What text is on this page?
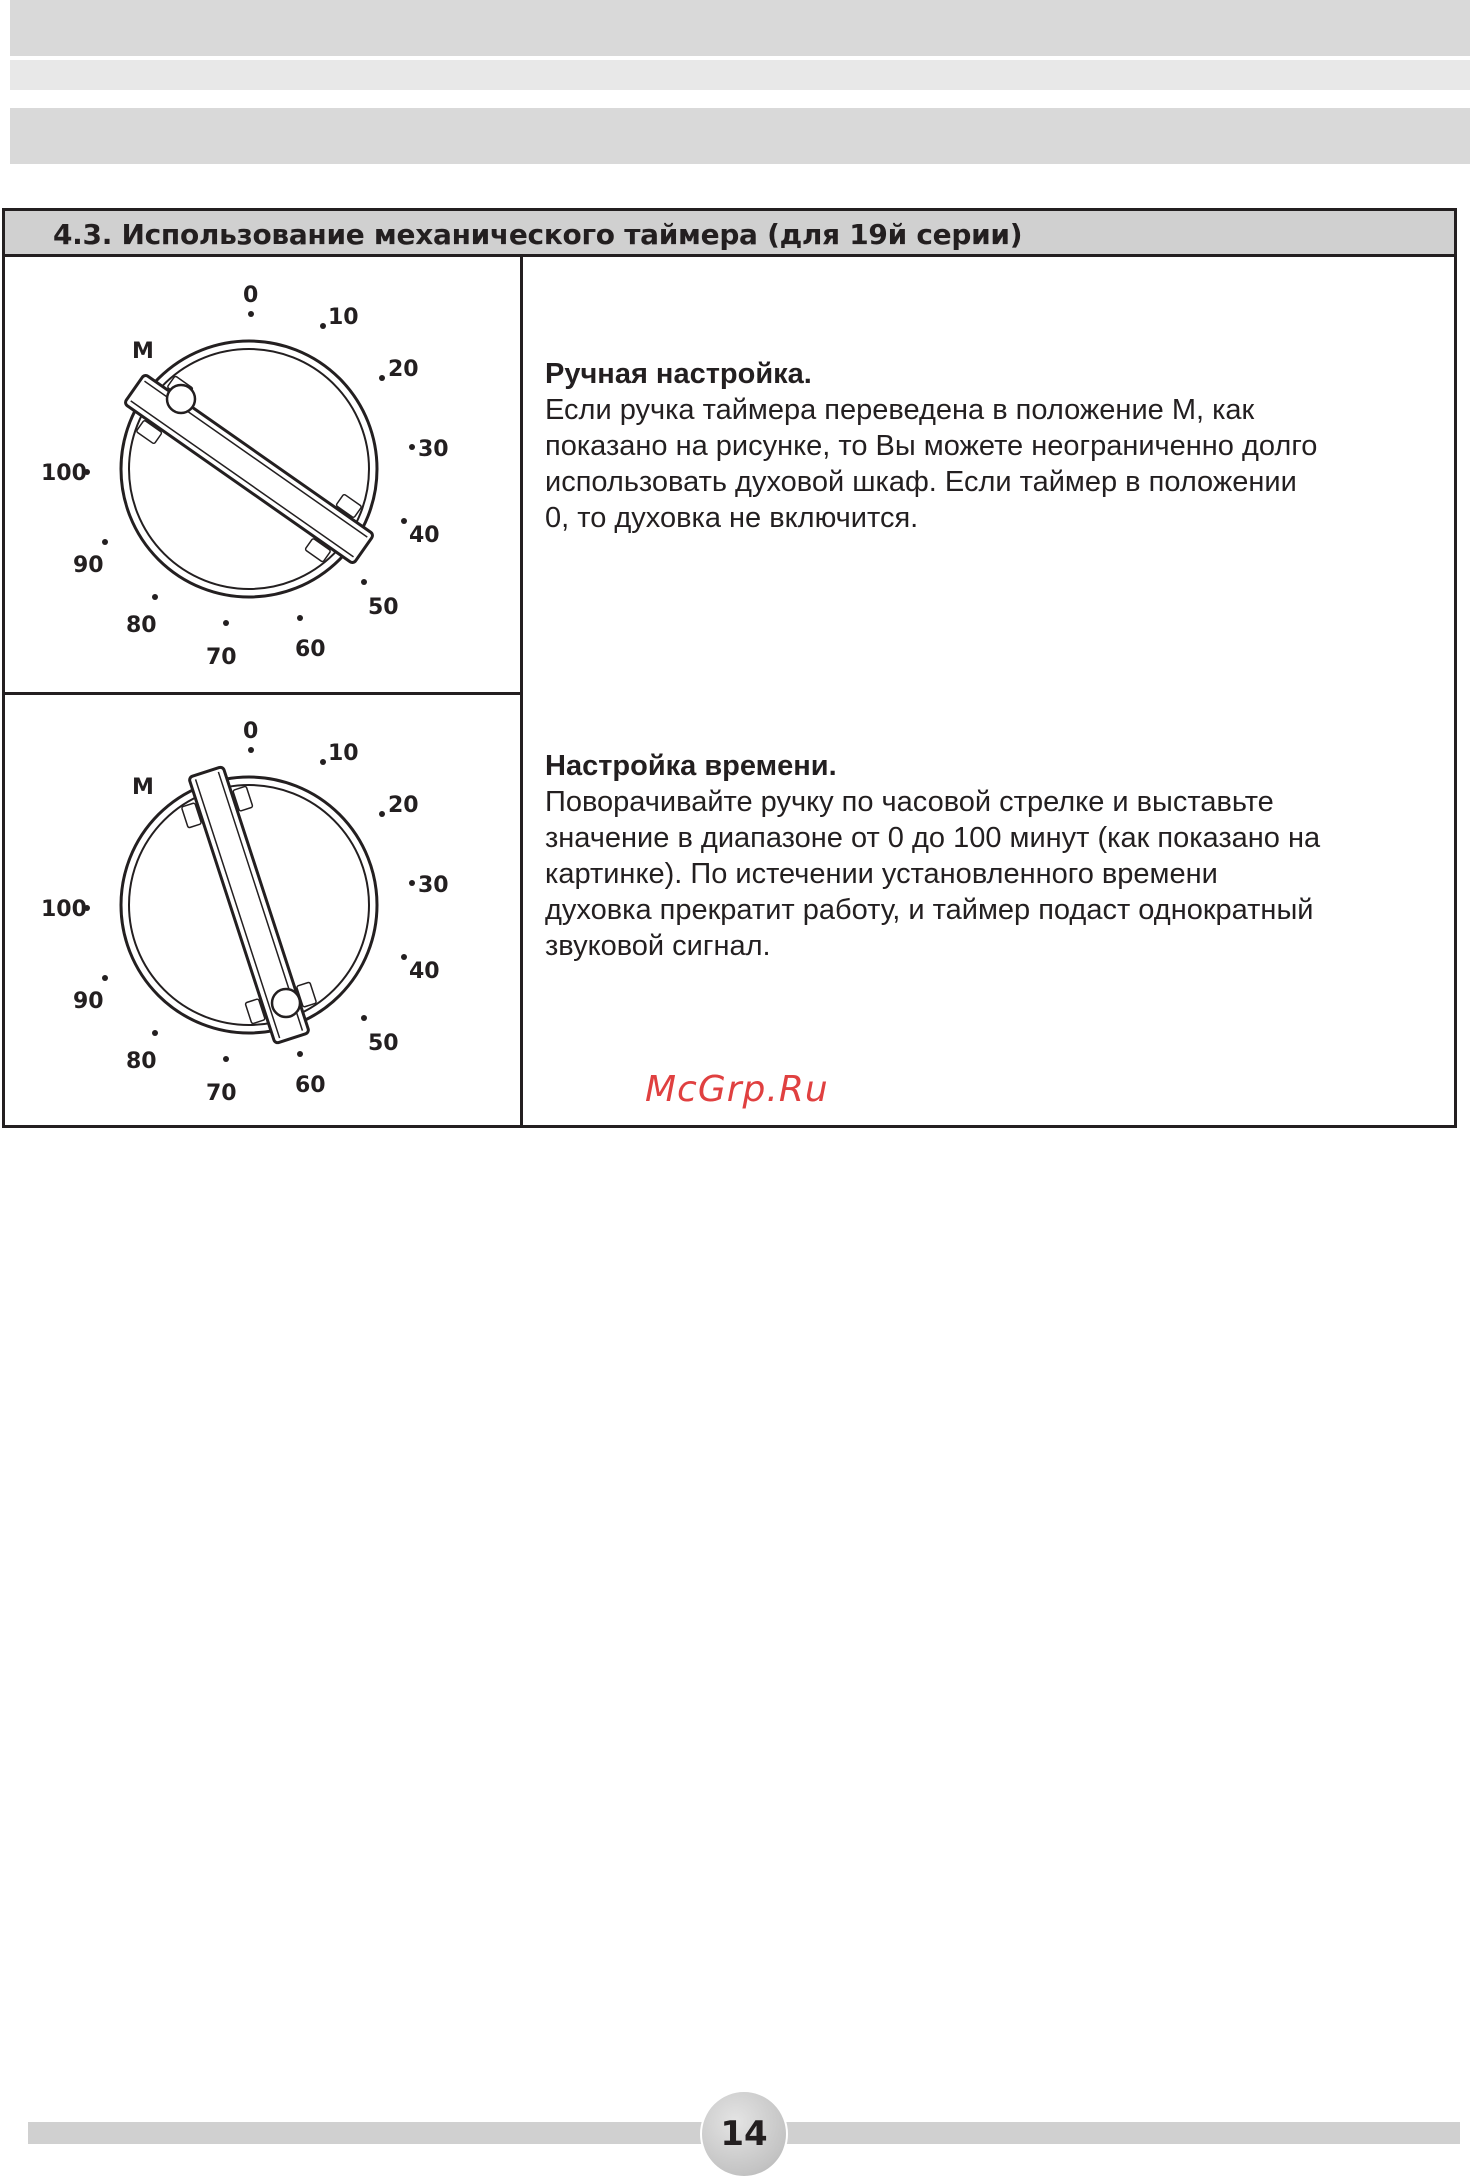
4.3. Использование механического таймера (для 19й серии)
M
0
10
20
30
40
50
60
70
80
90
100
M
0
10
20
30
40
50
60
70
80
90
100
Ручная настройка.
Если ручка таймера переведена в положение М, как
показано на рисунке, то Вы можете неограниченно долго
использовать духовой шкаф. Если таймер в положении
0, то духовка не включится.
Настройка времени.
Поворачивайте ручку по часовой стрелке и выставьте
значение в диапазоне от 0 до 100 минут (как показано на
картинке). По истечении установленного времени
духовка прекратит работу, и таймер подаст однократный
звуковой сигнал.
McGrp.Ru
14
